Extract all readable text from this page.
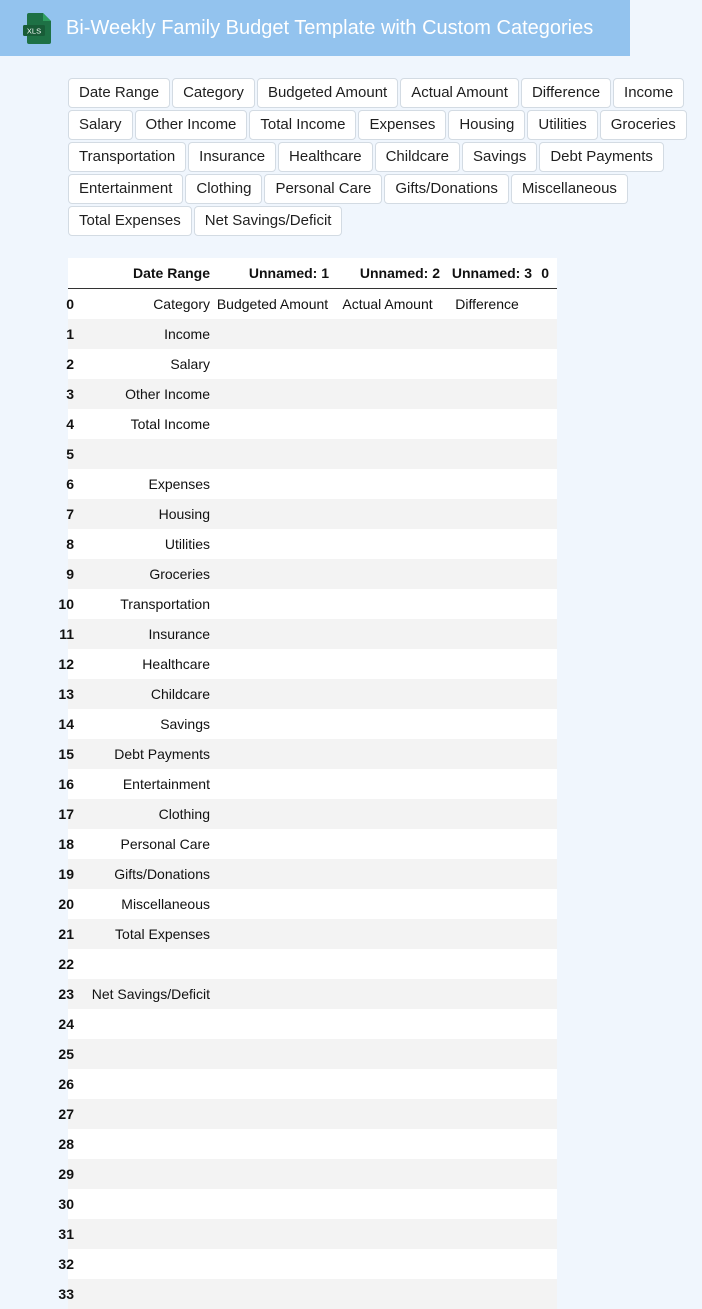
XLS Bi-Weekly Family Budget Template with Custom Categories
Date Range	Category	Budgeted Amount	Actual Amount	Difference	Income
Salary	Other Income	Total Income	Expenses	Housing	Utilities	Groceries
Transportation	Insurance	Healthcare	Childcare	Savings	Debt Payments
Entertainment	Clothing	Personal Care	Gifts/Donations	Miscellaneous
Total Expenses	Net Savings/Deficit
	Date Range	Unnamed: 1	Unnamed: 2	Unnamed: 3	0
0	Category	Budgeted Amount	Actual Amount	Difference	
1	Income				
2	Salary				
3	Other Income				
4	Total Income				
5					
6	Expenses				
7	Housing				
8	Utilities				
9	Groceries				
10	Transportation				
11	Insurance				
12	Healthcare				
13	Childcare				
14	Savings				
15	Debt Payments				
16	Entertainment				
17	Clothing				
18	Personal Care				
19	Gifts/Donations				
20	Miscellaneous				
21	Total Expenses				
22					
23	Net Savings/Deficit				
24					
25					
26					
27					
28					
29					
30					
31					
32					
33					
